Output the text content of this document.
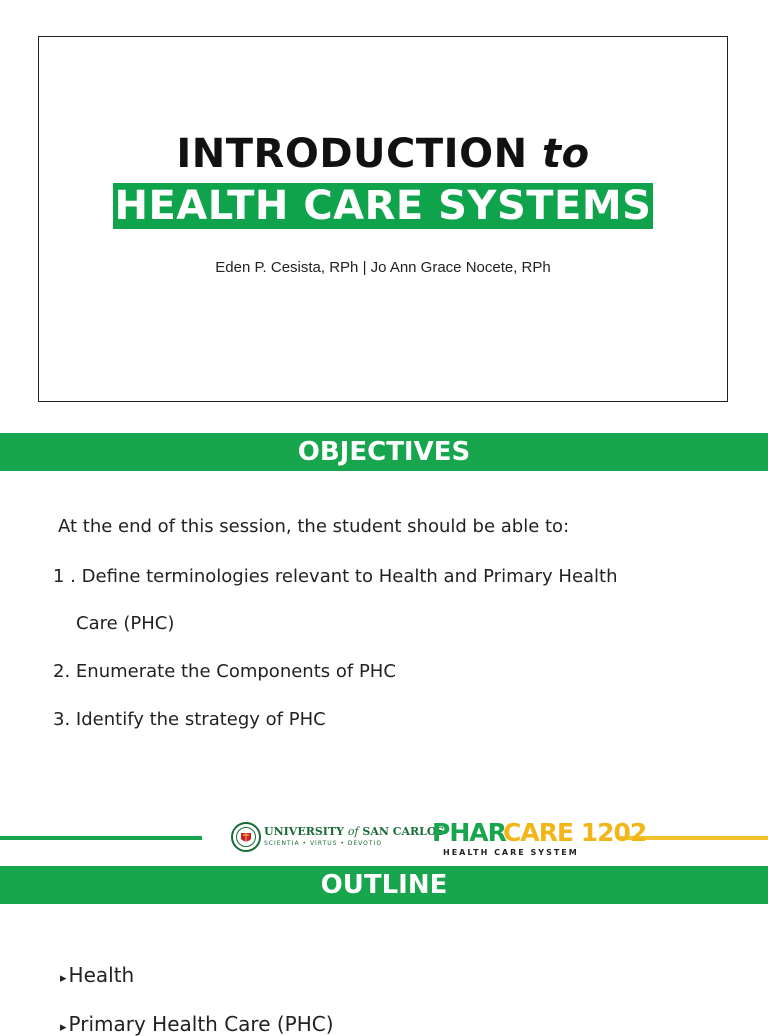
INTRODUCTION to
HEALTH CARE SYSTEMS
Eden P. Cesista, RPh | Jo Ann Grace Nocete, RPh
OBJECTIVES
At the end of this session, the student should be able to:
1 . Define terminologies relevant to Health and Primary Health
Care (PHC)
2. Enumerate the Components of PHC
3. Identify the strategy of PHC
UNIVERSITY of SAN CARLOS
SCIENTIA • VIRTUS • DEVOTIO PHAR
CARE 1202
HEALTH CARE SYSTEM
OUTLINE
▸ Health
▸ Primary Health Care (PHC)
